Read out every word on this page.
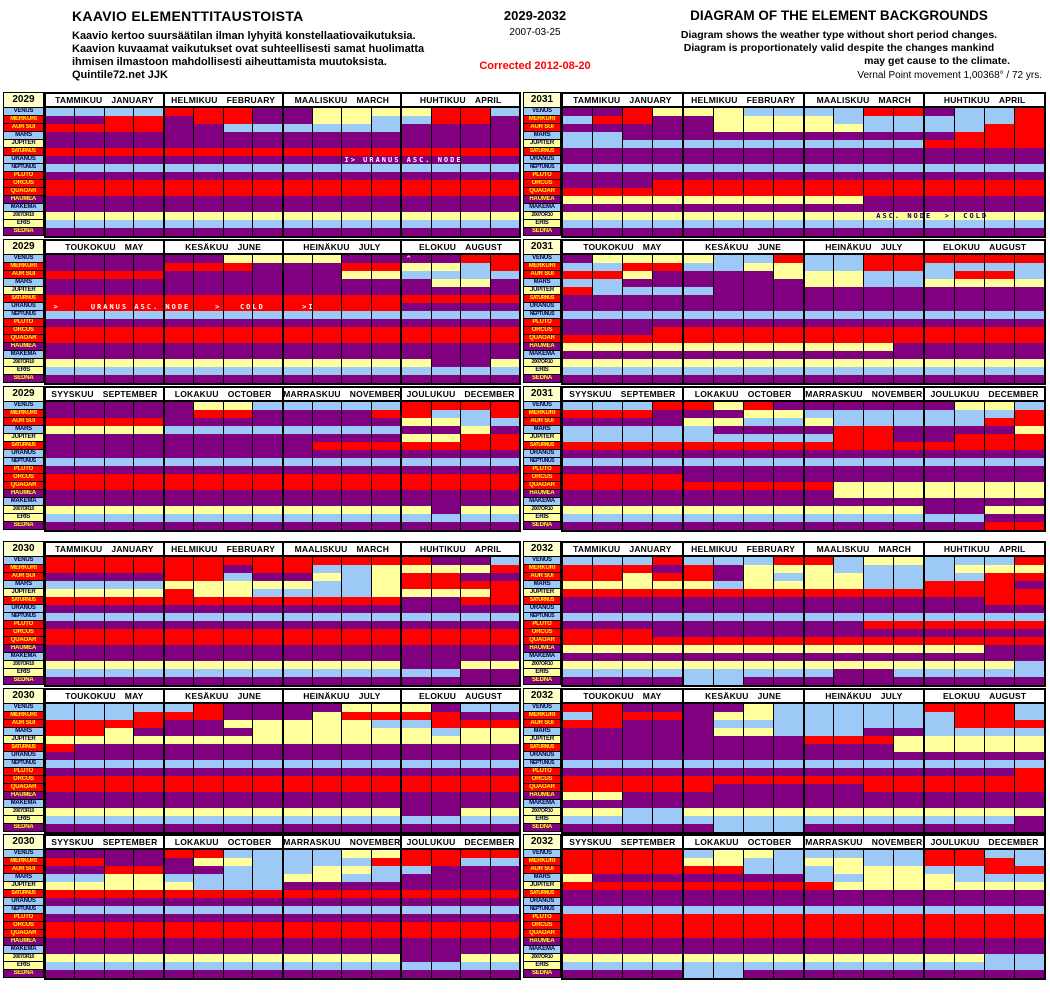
KAAVIO ELEMENTTITAUSTOISTA
Kaavio kertoo suursäätilan ilman lyhyitä konstellaatiovaikutuksia.
Kaavion kuvaamat vaikutukset ovat suhteellisesti samat huolimatta
ihmisen ilmastoon mahdollisesti aiheuttamista muutoksista.
Quintile72.net JJK
2029-2032
2007-03-25
Corrected 2012-08-20
DIAGRAM OF THE ELEMENT BACKGROUNDS
Diagram shows the weather type without short period changes.
Diagram is proportionately valid despite the changes mankind
may get cause to the climate.
Vernal Point movement 1,00368° / 72 yrs.
2029
VENUS
MERKURI
AUR SUI
MARS
JUPITER
SATURNUS
URANUS
NEPTUNUS
PLUTO
ORCUS
QUAOAR
HAUMEA
MAKEMA
2007OR10
ERIS
SEDNA
TAMMIKUU JANUARY HELMIKUU FEBRUARY MAALISKUU MARCH	HUHTIKUU APRIL
I> URANUS ASC. NODE
2031
VENUS
MERKURI
AUR SUI
MARS
JUPITER
SATURNUS
URANUS
NEPTUNUS
PLUTO
ORCUS
QUAOAR
HAUMEA
MAKEMA
2007OR10
ERIS
SEDNA
TAMMIKUU JANUARY HELMIKUU FEBRUARY	MAALISKUU MARCH	HUHTIKUU APRIL
ASC. NODE  >  COLD
2029
VENUS
MERKURI
AUR SUI
MARS
JUPITER
SATURNUS
URANUS
NEPTUNUS
PLUTO
ORCUS
QUAOAR
HAUMEA
MAKEMA
2007OR10
ERIS
SEDNA
TOUKOKUU MAY	KESÄKUU JUNE	HEINÄKUU JULY	ELOKUU AUGUST
>     URANUS ASC. NODE    >   COLD      >I
^
2031
VENUS
MERKURI
AUR SUI
MARS
JUPITER
SATURNUS
URANUS
NEPTUNUS
PLUTO
ORCUS
QUAOAR
HAUMEA
MAKEMA
2007OR10
ERIS
SEDNA
TOUKOKUU MAY	KESÄKUU JUNE	HEINÄKUU JULY	ELOKUU AUGUST
2029
VENUS
MERKURI
AUR SUI
MARS
JUPITER
SATURNUS
URANUS
NEPTUNUS
PLUTO
ORCUS
QUAOAR
HAUMEA
MAKEMA
2007OR10
ERIS
SEDNA
SYYSKUU SEPTEMBER LOKAKUU OCTOBER MARRASKUU NOVEMBER JOULUKUU DECEMBER	2031
VENUS
MERKURI
AUR SUI
MARS
JUPITER
SATURNUS
URANUS
NEPTUNUS
PLUTO
ORCUS
QUAOAR
HAUMEA
MAKEMA
2007OR10
ERIS
SEDNA
SYYSKUU SEPTEMBER LOKAKUU OCTOBER MARRASKUU NOVEMBER JOULUKUU DECEMBER
2030
VENUS
MERKURI
AUR SUI
MARS
JUPITER
SATURNUS
URANUS
NEPTUNUS
PLUTO
ORCUS
QUAOAR
HAUMEA
MAKEMA
2007OR10
ERIS
SEDNA
TAMMIKUU JANUARY HELMIKUU FEBRUARY MAALISKUU MARCH	HUHTIKUU APRIL	2032
VENUS
MERKURI
AUR SUI
MARS
JUPITER
SATURNUS
URANUS
NEPTUNUS
PLUTO
ORCUS
QUAOAR
HAUMEA
MAKEMA
2007OR10
ERIS
SEDNA
TAMMIKUU JANUARY HELMIKUU FEBRUARY	MAALISKUU MARCH	HUHTIKUU APRIL
2030
VENUS
MERKURI
AUR SUI
MARS
JUPITER
SATURNUS
URANUS
NEPTUNUS
PLUTO
ORCUS
QUAOAR
HAUMEA
MAKEMA
2007OR10
ERIS
SEDNA
TOUKOKUU MAY	KESÄKUU JUNE	HEINÄKUU JULY	ELOKUU AUGUST	2032
VENUS
MERKURI
AUR SUI
MARS
JUPITER
SATURNUS
URANUS
NEPTUNUS
PLUTO
ORCUS
QUAOAR
HAUMEA
MAKEMA
2007OR10
ERIS
SEDNA
TOUKOKUU MAY	KESÄKUU JUNE	HEINÄKUU JULY	ELOKUU AUGUST
2030
VENUS
MERKURI
AUR SUI
MARS
JUPITER
SATURNUS
URANUS
NEPTUNUS
PLUTO
ORCUS
QUAOAR
HAUMEA
MAKEMA
2007OR10
ERIS
SEDNA
SYYSKUU SEPTEMBER LOKAKUU OCTOBER MARRASKUU NOVEMBER JOULUKUU DECEMBER	2032
VENUS
MERKURI
AUR SUI
MARS
JUPITER
SATURNUS
URANUS
NEPTUNUS
PLUTO
ORCUS
QUAOAR
HAUMEA
MAKEMA
2007OR10
ERIS
SEDNA
SYYSKUU SEPTEMBER LOKAKUU OCTOBER MARRASKUU NOVEMBER JOULUKUU DECEMBER
